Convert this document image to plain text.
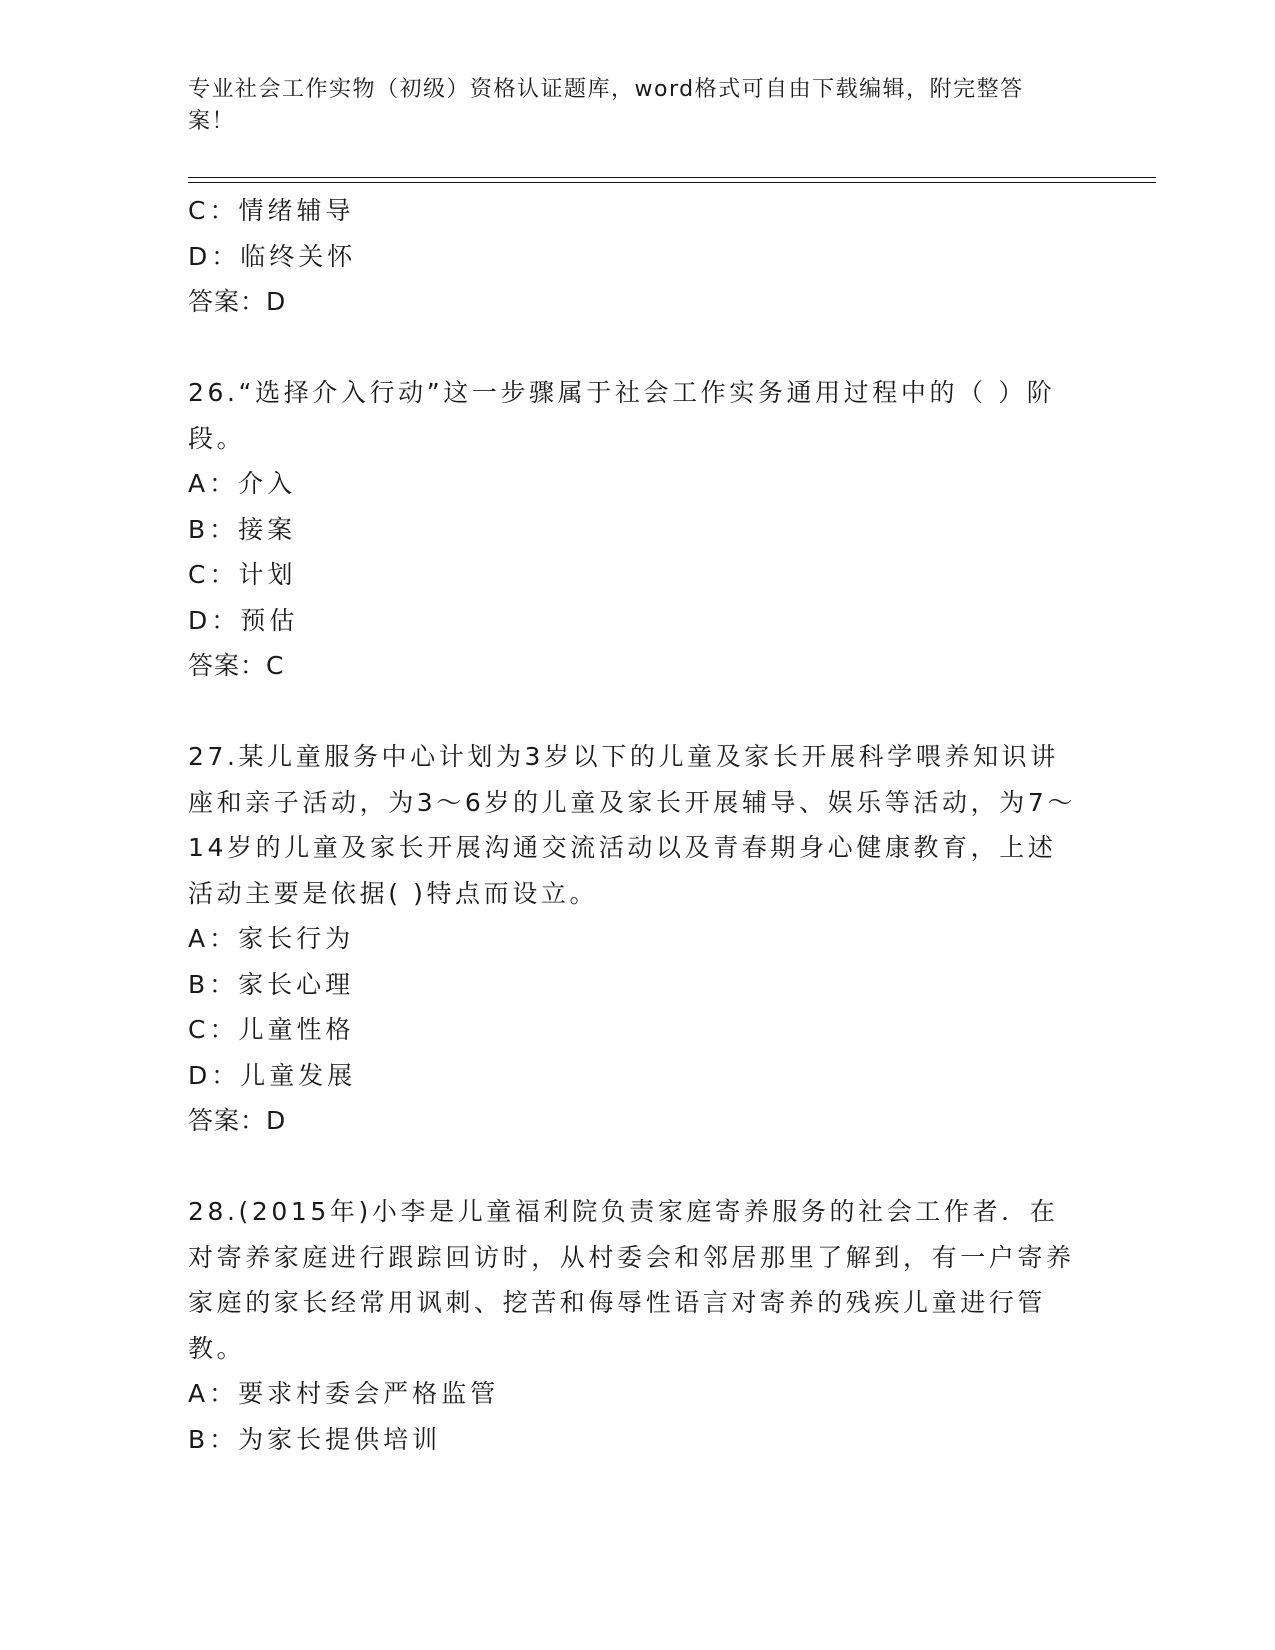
专业社会工作实物（初级）资格认证题库，word格式可自由下载编辑，附完整答案！
C：情绪辅导
D：临终关怀
答案：D
26.“选择介入行动”这一步骤属于社会工作实务通用过程中的（ ）阶段。
A：介入
B：接案
C：计划
D：预估
答案：C
27.某儿童服务中心计划为3岁以下的儿童及家长开展科学喂养知识讲座和亲子活动，为3～6岁的儿童及家长开展辅导、娱乐等活动，为7～14岁的儿童及家长开展沟通交流活动以及青春期身心健康教育，上述活动主要是依据( )特点而设立。
A：家长行为
B：家长心理
C：儿童性格
D：儿童发展
答案：D
28.(2015年)小李是儿童福利院负责家庭寄养服务的社会工作者．在对寄养家庭进行跟踪回访时，从村委会和邻居那里了解到，有一户寄养家庭的家长经常用讽刺、挖苦和侮辱性语言对寄养的残疾儿童进行管教。
A：要求村委会严格监管
B：为家长提供培训
